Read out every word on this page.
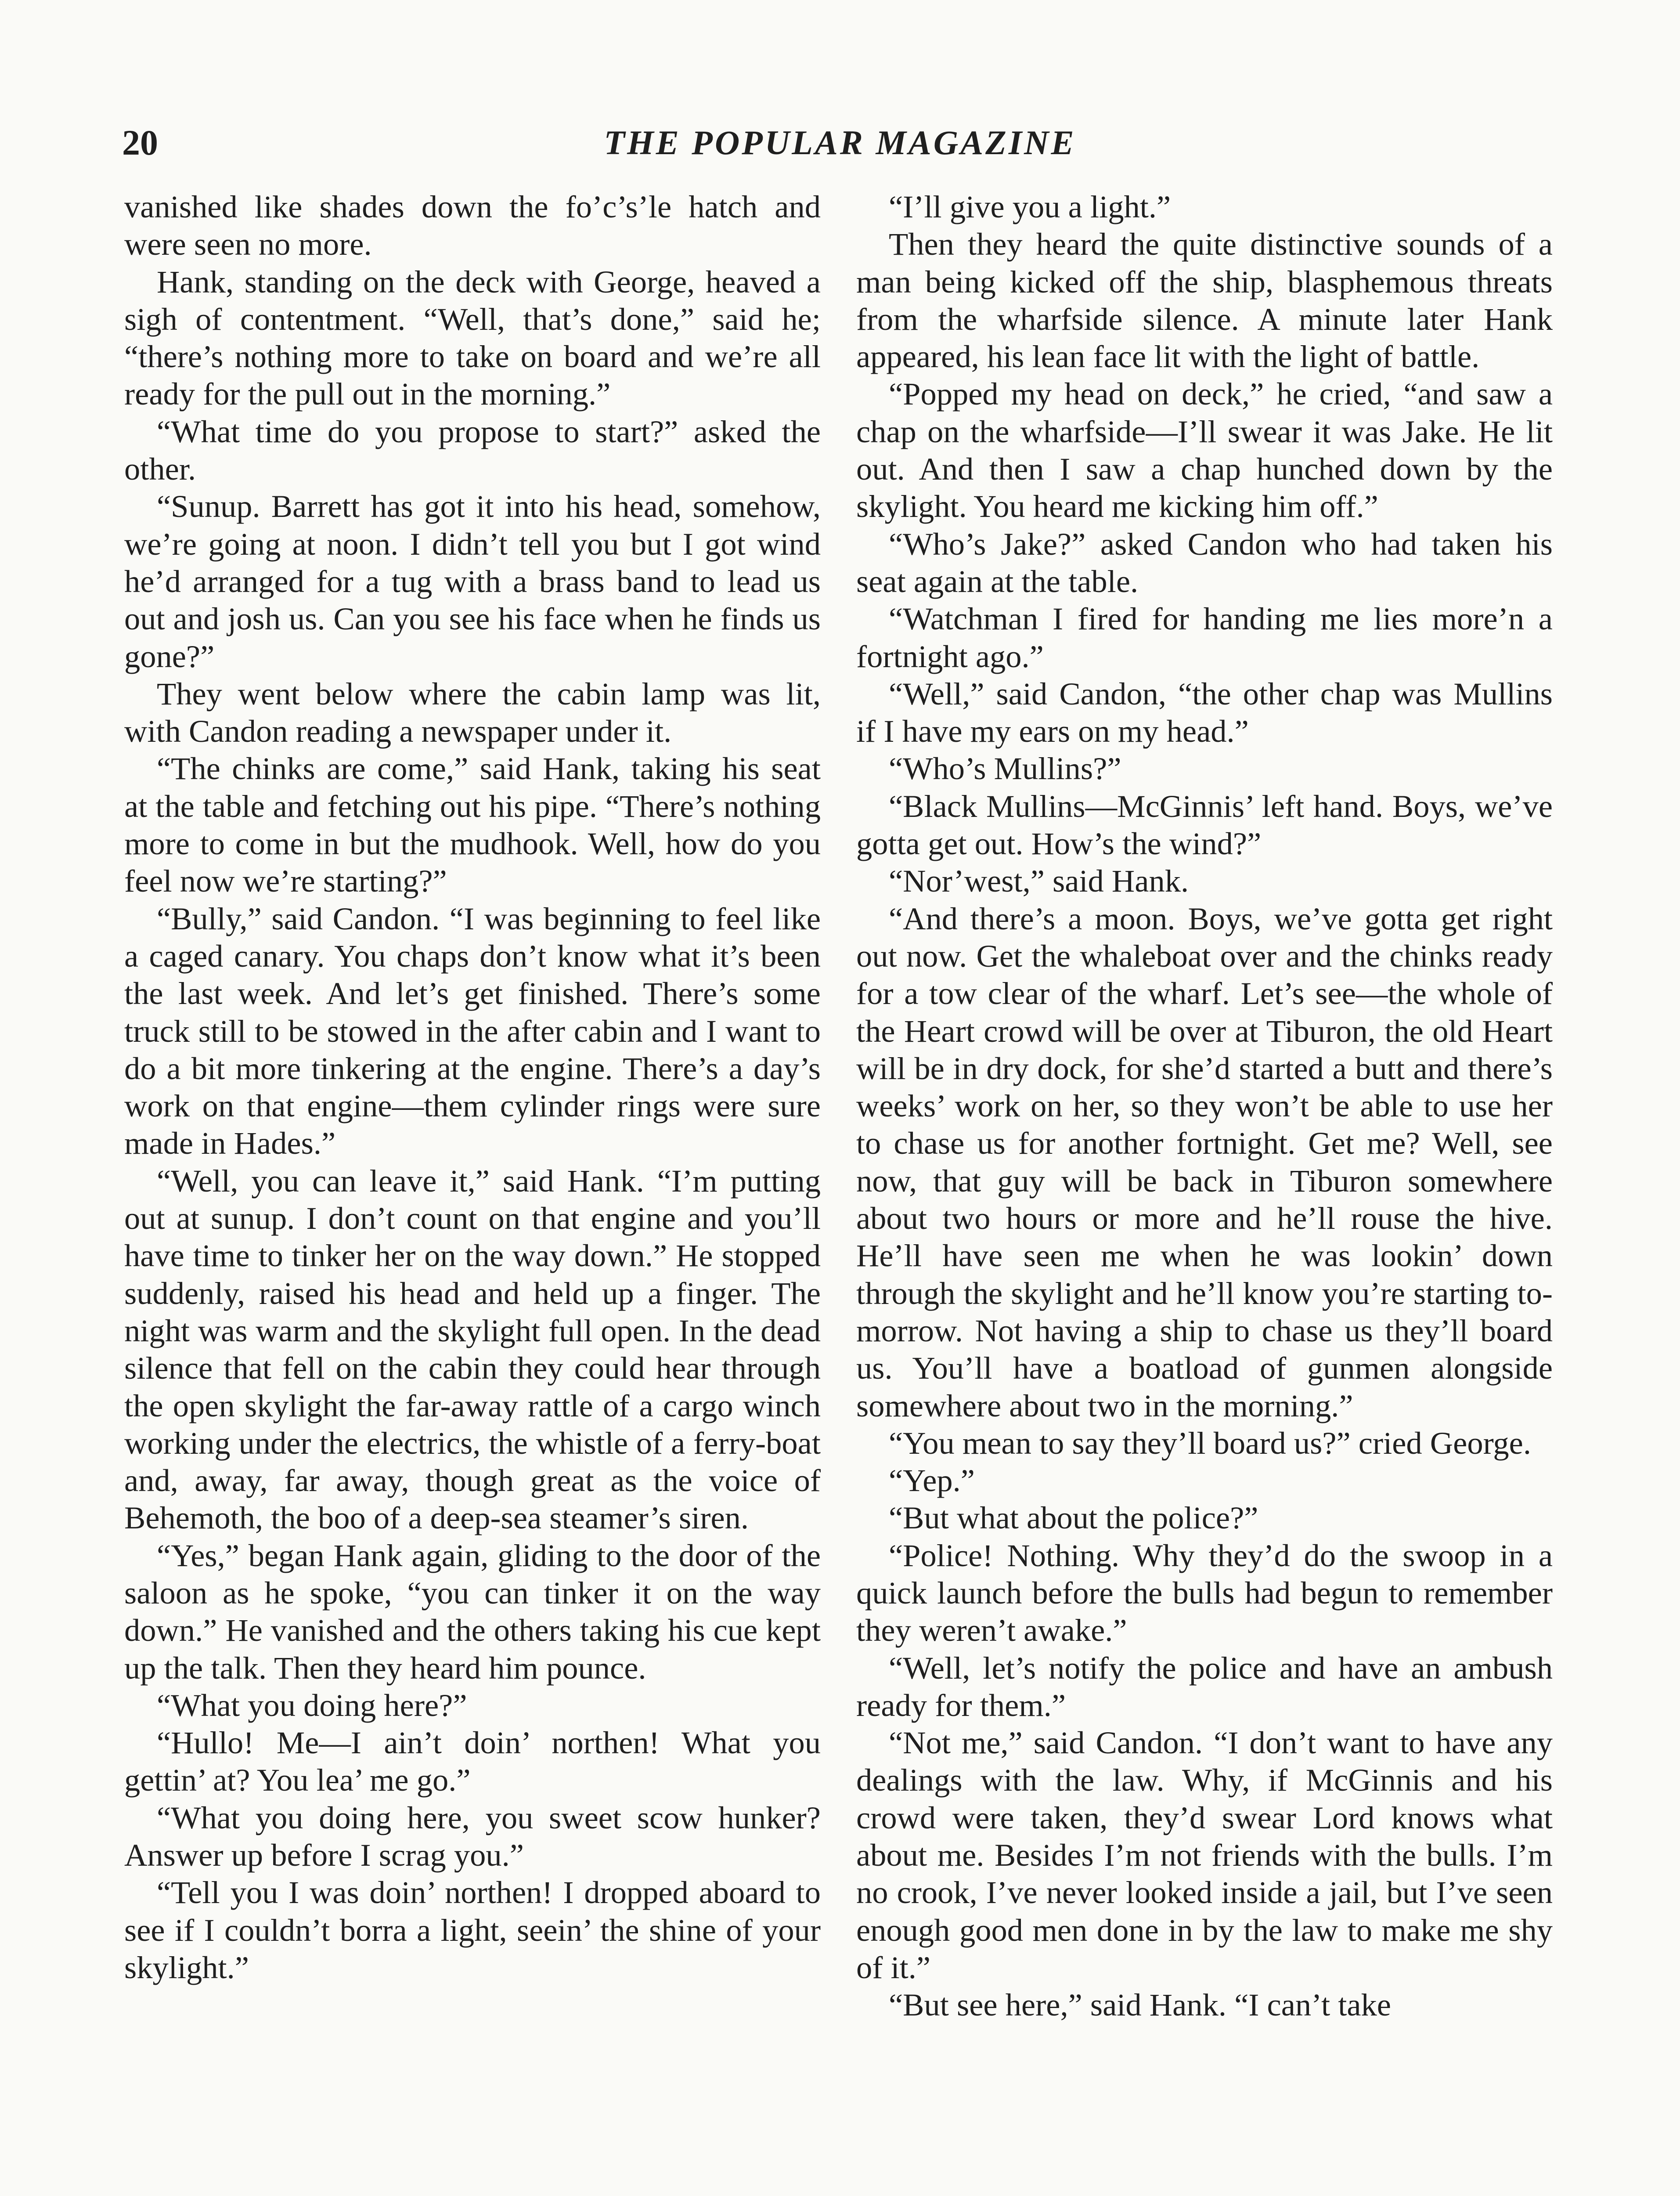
20	THE POPULAR MAGAZINE

vanished like shades down the fo’c’s’le hatch and were seen no more.

Hank, standing on the deck with George, heaved a sigh of contentment. “Well, that’s done,” said he; “there’s nothing more to take on board and we’re all ready for the pull out in the morning.”

“What time do you propose to start?” asked the other.

“Sunup. Barrett has got it into his head, somehow, we’re going at noon. I didn’t tell you but I got wind he’d arranged for a tug with a brass band to lead us out and josh us. Can you see his face when he finds us gone?”

They went below where the cabin lamp was lit, with Candon reading a newspaper under it.

“The chinks are come,” said Hank, taking his seat at the table and fetching out his pipe. “There’s nothing more to come in but the mudhook. Well, how do you feel now we’re starting?”

“Bully,” said Candon. “I was beginning to feel like a caged canary. You chaps don’t know what it’s been the last week. And let’s get finished. There’s some truck still to be stowed in the after cabin and I want to do a bit more tinkering at the engine. There’s a day’s work on that engine—them cylinder rings were sure made in Hades.”

“Well, you can leave it,” said Hank. “I’m putting out at sunup. I don’t count on that engine and you’ll have time to tinker her on the way down.” He stopped suddenly, raised his head and held up a finger. The night was warm and the skylight full open. In the dead silence that fell on the cabin they could hear through the open skylight the far-away rattle of a cargo winch working under the electrics, the whistle of a ferry-boat and, away, far away, though great as the voice of Behemoth, the boo of a deep-sea steamer’s siren.

“Yes,” began Hank again, gliding to the door of the saloon as he spoke, “you can tinker it on the way down.” He vanished and the others taking his cue kept up the talk. Then they heard him pounce.

“What you doing here?”

“Hullo! Me—I ain’t doin’ northen! What you gettin’ at? You lea’ me go.”

“What you doing here, you sweet scow hunker? Answer up before I scrag you.”

“Tell you I was doin’ northen! I dropped aboard to see if I couldn’t borra a light, seein’ the shine of your skylight.”

“I’ll give you a light.”

Then they heard the quite distinctive sounds of a man being kicked off the ship, blasphemous threats from the wharfside silence. A minute later Hank appeared, his lean face lit with the light of battle.

“Popped my head on deck,” he cried, “and saw a chap on the wharfside—I’ll swear it was Jake. He lit out. And then I saw a chap hunched down by the skylight. You heard me kicking him off.”

“Who’s Jake?” asked Candon who had taken his seat again at the table.

“Watchman I fired for handing me lies more’n a fortnight ago.”

“Well,” said Candon, “the other chap was Mullins if I have my ears on my head.”

“Who’s Mullins?”

“Black Mullins—McGinnis’ left hand. Boys, we’ve gotta get out. How’s the wind?”

“Nor’west,” said Hank.

“And there’s a moon. Boys, we’ve gotta get right out now. Get the whaleboat over and the chinks ready for a tow clear of the wharf. Let’s see—the whole of the Heart crowd will be over at Tiburon, the old Heart will be in dry dock, for she’d started a butt and there’s weeks’ work on her, so they won’t be able to use her to chase us for another fortnight. Get me? Well, see now, that guy will be back in Tiburon somewhere about two hours or more and he’ll rouse the hive. He’ll have seen me when he was lookin’ down through the skylight and he’ll know you’re starting to-morrow. Not having a ship to chase us they’ll board us. You’ll have a boatload of gunmen alongside somewhere about two in the morning.”

“You mean to say they’ll board us?” cried George.

“Yep.”

“But what about the police?”

“Police! Nothing. Why they’d do the swoop in a quick launch before the bulls had begun to remember they weren’t awake.”

“Well, let’s notify the police and have an ambush ready for them.”

“Not me,” said Candon. “I don’t want to have any dealings with the law. Why, if McGinnis and his crowd were taken, they’d swear Lord knows what about me. Besides I’m not friends with the bulls. I’m no crook, I’ve never looked inside a jail, but I’ve seen enough good men done in by the law to make me shy of it.”

“But see here,” said Hank. “I can’t take
